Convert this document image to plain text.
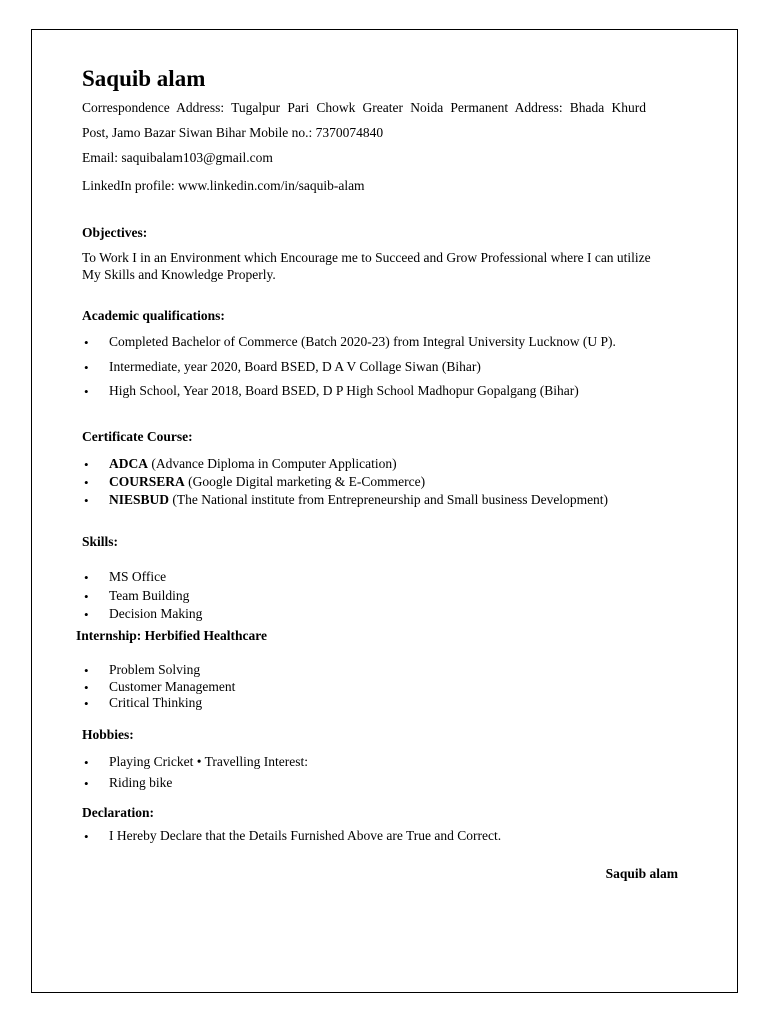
Saquib alam
Correspondence Address: Tugalpur Pari Chowk Greater Noida Permanent Address: Bhada Khurd
Post, Jamo Bazar Siwan Bihar Mobile no.: 7370074840
Email: saquibalam103@gmail.com
LinkedIn profile: www.linkedin.com/in/saquib-alam
Objectives:
To Work I in an Environment which Encourage me to Succeed and Grow Professional where I can utilize
My Skills and Knowledge Properly.
Academic qualifications:
• Completed Bachelor of Commerce (Batch 2020-23) from Integral University Lucknow (U P).
• Intermediate, year 2020, Board BSED, D A V Collage Siwan (Bihar)
• High School, Year 2018, Board BSED, D P High School Madhopur Gopalgang (Bihar)
Certificate Course:
• ADCA (Advance Diploma in Computer Application)
• COURSERA (Google Digital marketing & E-Commerce)
• NIESBUD (The National institute from Entrepreneurship and Small business Development)
Skills:
• MS Office
• Team Building
• Decision Making
Internship: Herbified Healthcare
• Problem Solving
• Customer Management
• Critical Thinking
Hobbies:
• Playing Cricket • Travelling Interest:
• Riding bike
Declaration:
• I Hereby Declare that the Details Furnished Above are True and Correct.
Saquib alam
